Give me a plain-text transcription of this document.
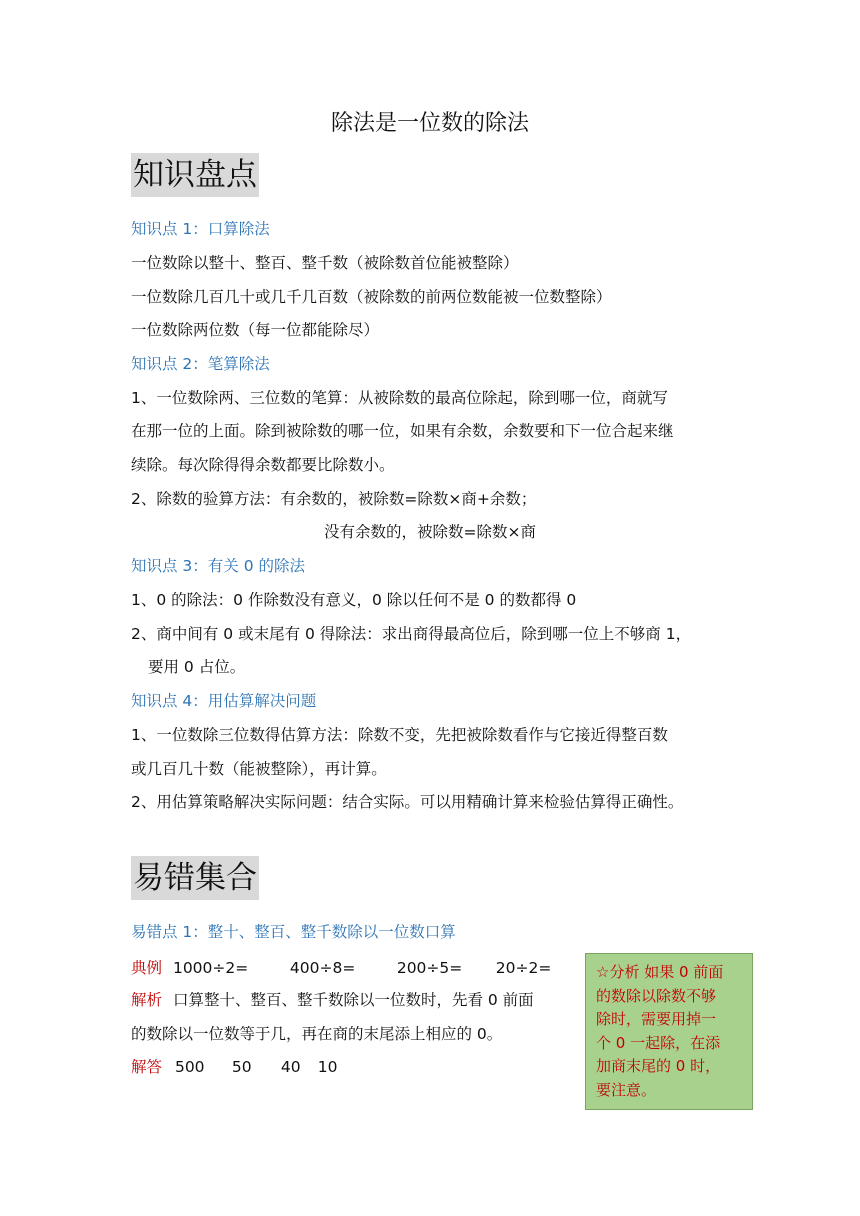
除法是一位数的除法
知识盘点
知识点 1：口算除法
一位数除以整十、整百、整千数（被除数首位能被整除）
一位数除几百几十或几千几百数（被除数的前两位数能被一位数整除）
一位数除两位数（每一位都能除尽）
知识点 2：笔算除法
1、一位数除两、三位数的笔算：从被除数的最高位除起，除到哪一位，商就写
在那一位的上面。除到被除数的哪一位，如果有余数，余数要和下一位合起来继
续除。每次除得得余数都要比除数小。
2、除数的验算方法：有余数的，被除数=除数×商+余数；
没有余数的，被除数=除数×商
知识点 3：有关 0 的除法
1、0 的除法：0 作除数没有意义，0 除以任何不是 0 的数都得 0
2、商中间有 0 或末尾有 0 得除法：求出商得最高位后，除到哪一位上不够商 1，
要用 0 占位。
知识点 4：用估算解决问题
1、一位数除三位数得估算方法：除数不变，先把被除数看作与它接近得整百数
或几百几十数（能被整除），再计算。
2、用估算策略解决实际问题：结合实际。可以用精确计算来检验估算得正确性。
易错集合
易错点 1：整十、整百、整千数除以一位数口算
典例 1000÷2=	400÷8=	200÷5= 20÷2=
解析 口算整十、整百、整千数除以一位数时，先看 0 前面
的数除以一位数等于几，再在商的末尾添上相应的 0。
解答 500 50 40 10
☆分析 如果 0 前面
的数除以除数不够
除时，需要用掉一
个 0 一起除，在添
加商末尾的 0 时，
要注意。
